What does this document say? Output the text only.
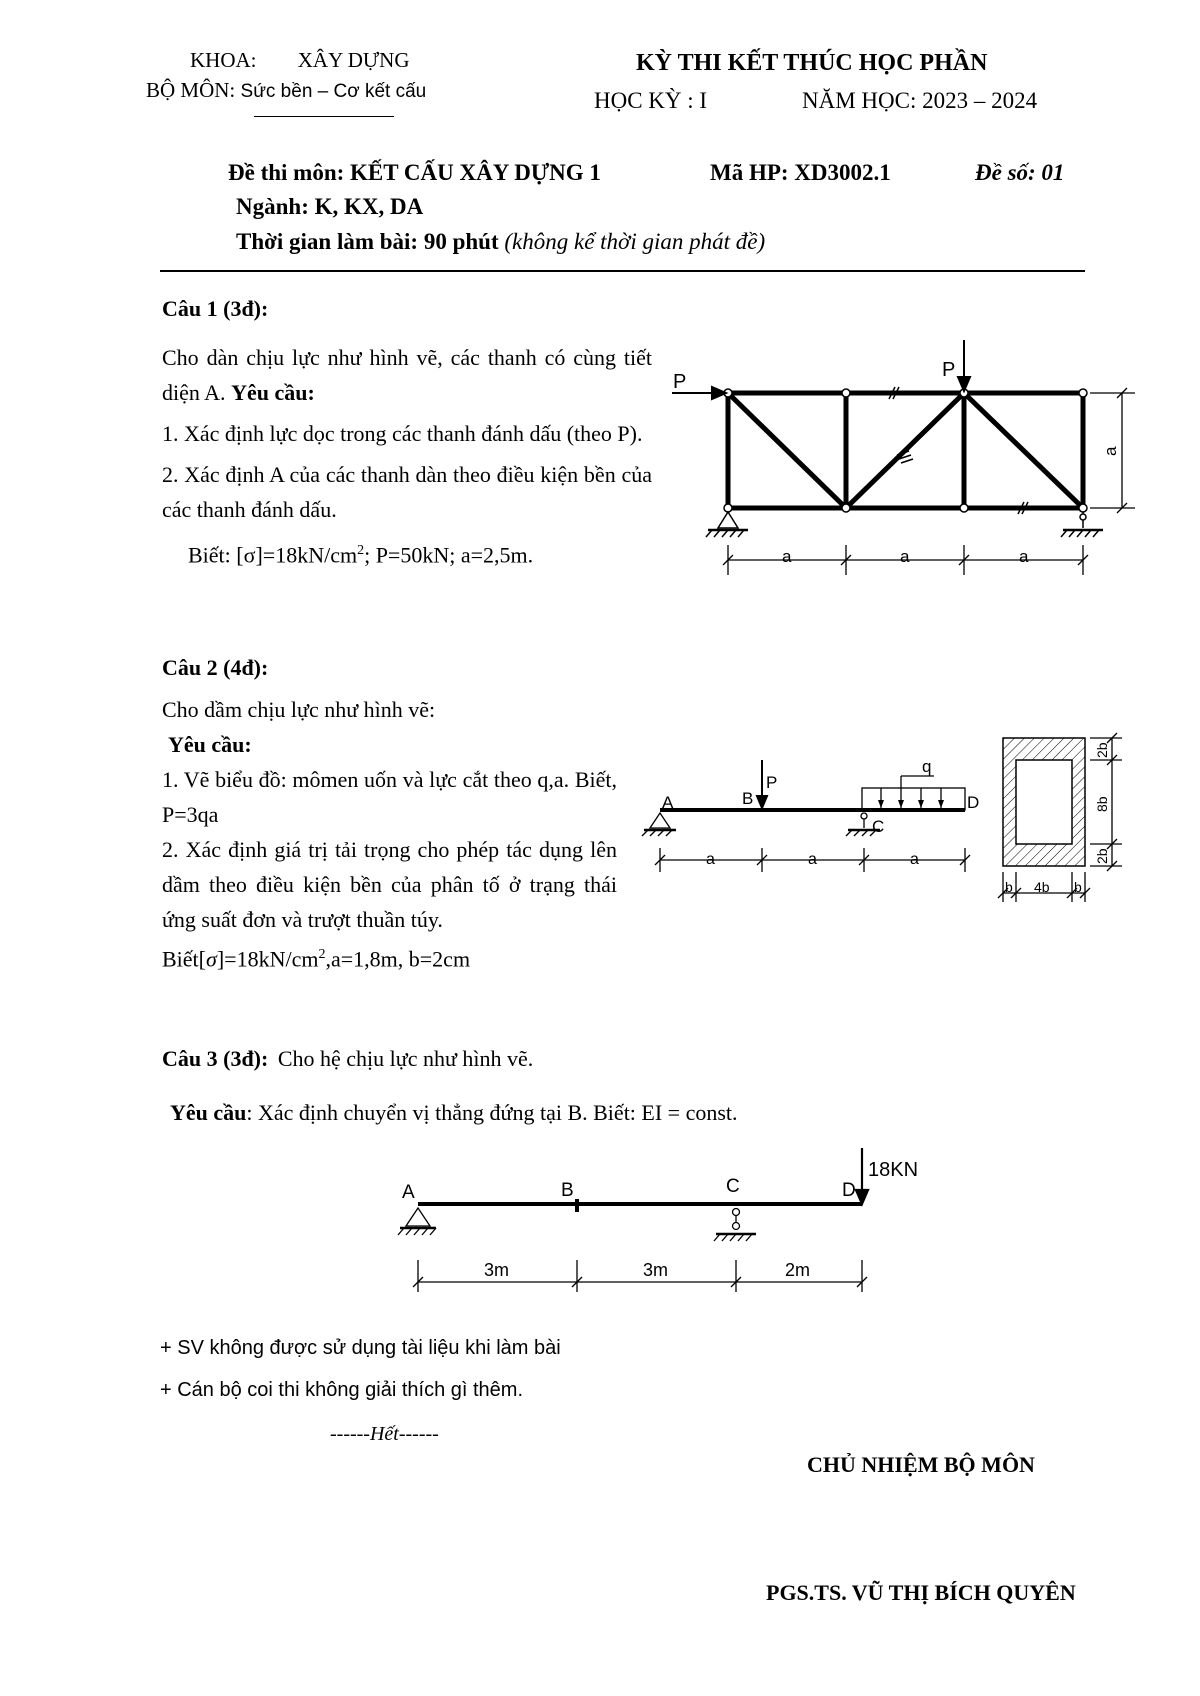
KHOA: XÂY DỰNG
BỘ MÔN: Sức bền – Cơ kết cấu
KỲ THI KẾT THÚC HỌC PHẦN
HỌC KỲ : I	NĂM HỌC: 2023 – 2024
Đề thi môn: KẾT CẤU XÂY DỰNG 1	Mã HP: XD3002.1	Đề số: 01
Ngành: K, KX, DA
Thời gian làm bài: 90 phút (không kể thời gian phát đề)
Câu 1 (3đ):
Cho dàn chịu lực như hình vẽ, các thanh có cùng tiết diện A. Yêu cầu:
1. Xác định lực dọc trong các thanh đánh dấu (theo P).
2. Xác định A của các thanh dàn theo điều kiện bền của các thanh đánh dấu.
Biết: $[\sigma]=18kN/cm^2$; P=50kN; a=2,5m.
P
P
a	a	a
a
Câu 2 (4đ):
Cho dầm chịu lực như hình vẽ:
Yêu cầu:
1. Vẽ biểu đồ: mômen uốn và lực cắt theo q,a. Biết, P=3qa
2. Xác định giá trị tải trọng cho phép tác dụng lên dầm theo điều kiện bền của phân tố ở trạng thái ứng suất đơn và trượt thuần túy.
$Biết[\sigma]=18kN/cm^2,a=1,8m$, b=2cm
A	B
P
q
C
D
a	a	a
2b
8b
2b
b 4b b
Câu 3 (3đ): Cho hệ chịu lực như hình vẽ.
Yêu cầu: Xác định chuyển vị thẳng đứng tại B. Biết: EI = const.
A	B	C	D
18KN
3m	3m	2m
+ SV không được sử dụng tài liệu khi làm bài
+ Cán bộ coi thi không giải thích gì thêm.
------Hết------
CHỦ NHIỆM BỘ MÔN
PGS.TS. VŨ THỊ BÍCH QUYÊN
